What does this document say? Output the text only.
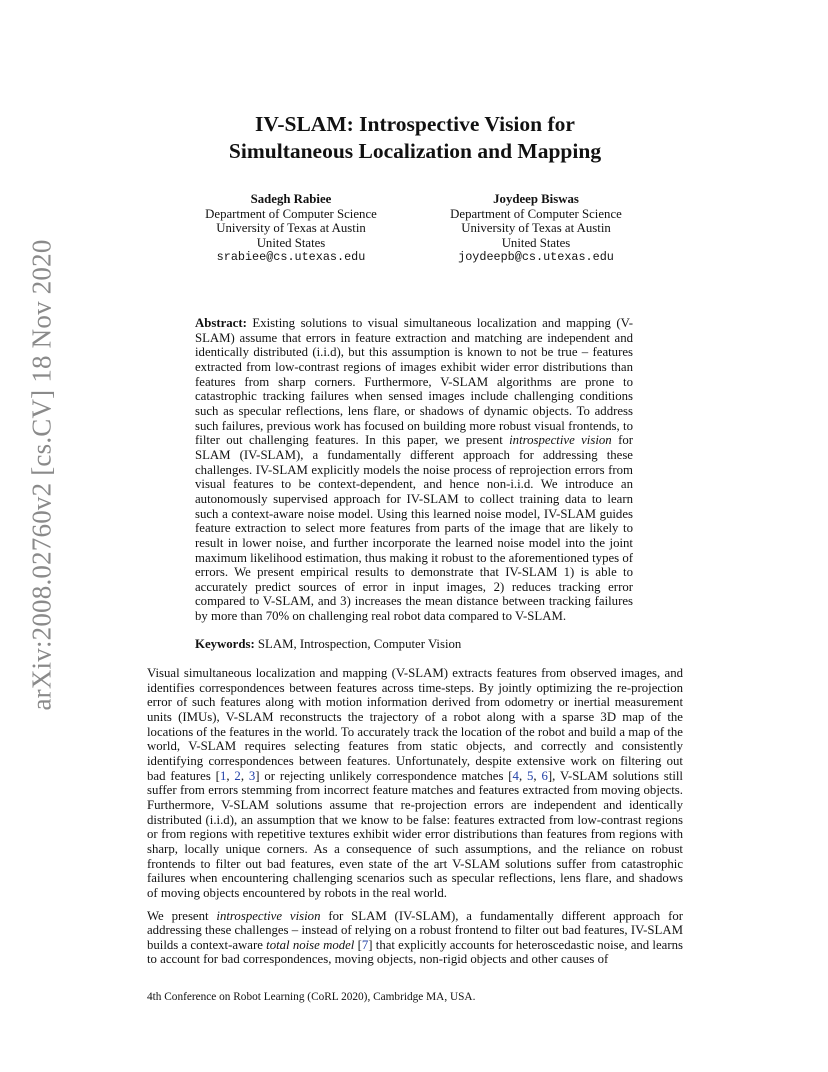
arXiv:2008.02760v2 [cs.CV] 18 Nov 2020
IV-SLAM: Introspective Vision for
Simultaneous Localization and Mapping
Sadegh Rabiee
Department of Computer Science
University of Texas at Austin
United States
srabiee@cs.utexas.edu
Joydeep Biswas
Department of Computer Science
University of Texas at Austin
United States
joydeepb@cs.utexas.edu
Abstract: Existing solutions to visual simultaneous localization and mapping (V-SLAM) assume that errors in feature extraction and matching are independent and identically distributed (i.i.d), but this assumption is known to not be true – features extracted from low-contrast regions of images exhibit wider error distributions than features from sharp corners. Furthermore, V-SLAM algorithms are prone to catastrophic tracking failures when sensed images include challenging conditions such as specular reflections, lens flare, or shadows of dynamic objects. To address such failures, previous work has focused on building more robust visual frontends, to filter out challenging features. In this paper, we present introspective vision for SLAM (IV-SLAM), a fundamentally different approach for addressing these challenges. IV-SLAM explicitly models the noise process of reprojection errors from visual features to be context-dependent, and hence non-i.i.d. We introduce an autonomously supervised approach for IV-SLAM to collect training data to learn such a context-aware noise model. Using this learned noise model, IV-SLAM guides feature extraction to select more features from parts of the image that are likely to result in lower noise, and further incorporate the learned noise model into the joint maximum likelihood estimation, thus making it robust to the aforementioned types of errors. We present empirical results to demonstrate that IV-SLAM 1) is able to accurately predict sources of error in input images, 2) reduces tracking error compared to V-SLAM, and 3) increases the mean distance between tracking failures by more than 70% on challenging real robot data compared to V-SLAM.
Keywords: SLAM, Introspection, Computer Vision

Visual simultaneous localization and mapping (V-SLAM) extracts features from observed images, and identifies correspondences between features across time-steps. By jointly optimizing the re-projection error of such features along with motion information derived from odometry or inertial measurement units (IMUs), V-SLAM reconstructs the trajectory of a robot along with a sparse 3D map of the locations of the features in the world. To accurately track the location of the robot and build a map of the world, V-SLAM requires selecting features from static objects, and correctly and consistently identifying correspondences between features. Unfortunately, despite extensive work on filtering out bad features [1, 2, 3] or rejecting unlikely correspondence matches [4, 5, 6], V-SLAM solutions still suffer from errors stemming from incorrect feature matches and features extracted from moving objects. Furthermore, V-SLAM solutions assume that re-projection errors are independent and identically distributed (i.i.d), an assumption that we know to be false: features extracted from low-contrast regions or from regions with repetitive textures exhibit wider error distributions than features from regions with sharp, locally unique corners. As a consequence of such assumptions, and the reliance on robust frontends to filter out bad features, even state of the art V-SLAM solutions suffer from catastrophic failures when encountering challenging scenarios such as specular reflections, lens flare, and shadows of moving objects encountered by robots in the real world.

We present introspective vision for SLAM (IV-SLAM), a fundamentally different approach for addressing these challenges – instead of relying on a robust frontend to filter out bad features, IV-SLAM builds a context-aware total noise model [7] that explicitly accounts for heteroscedastic noise, and learns to account for bad correspondences, moving objects, non-rigid objects and other causes of

4th Conference on Robot Learning (CoRL 2020), Cambridge MA, USA.
